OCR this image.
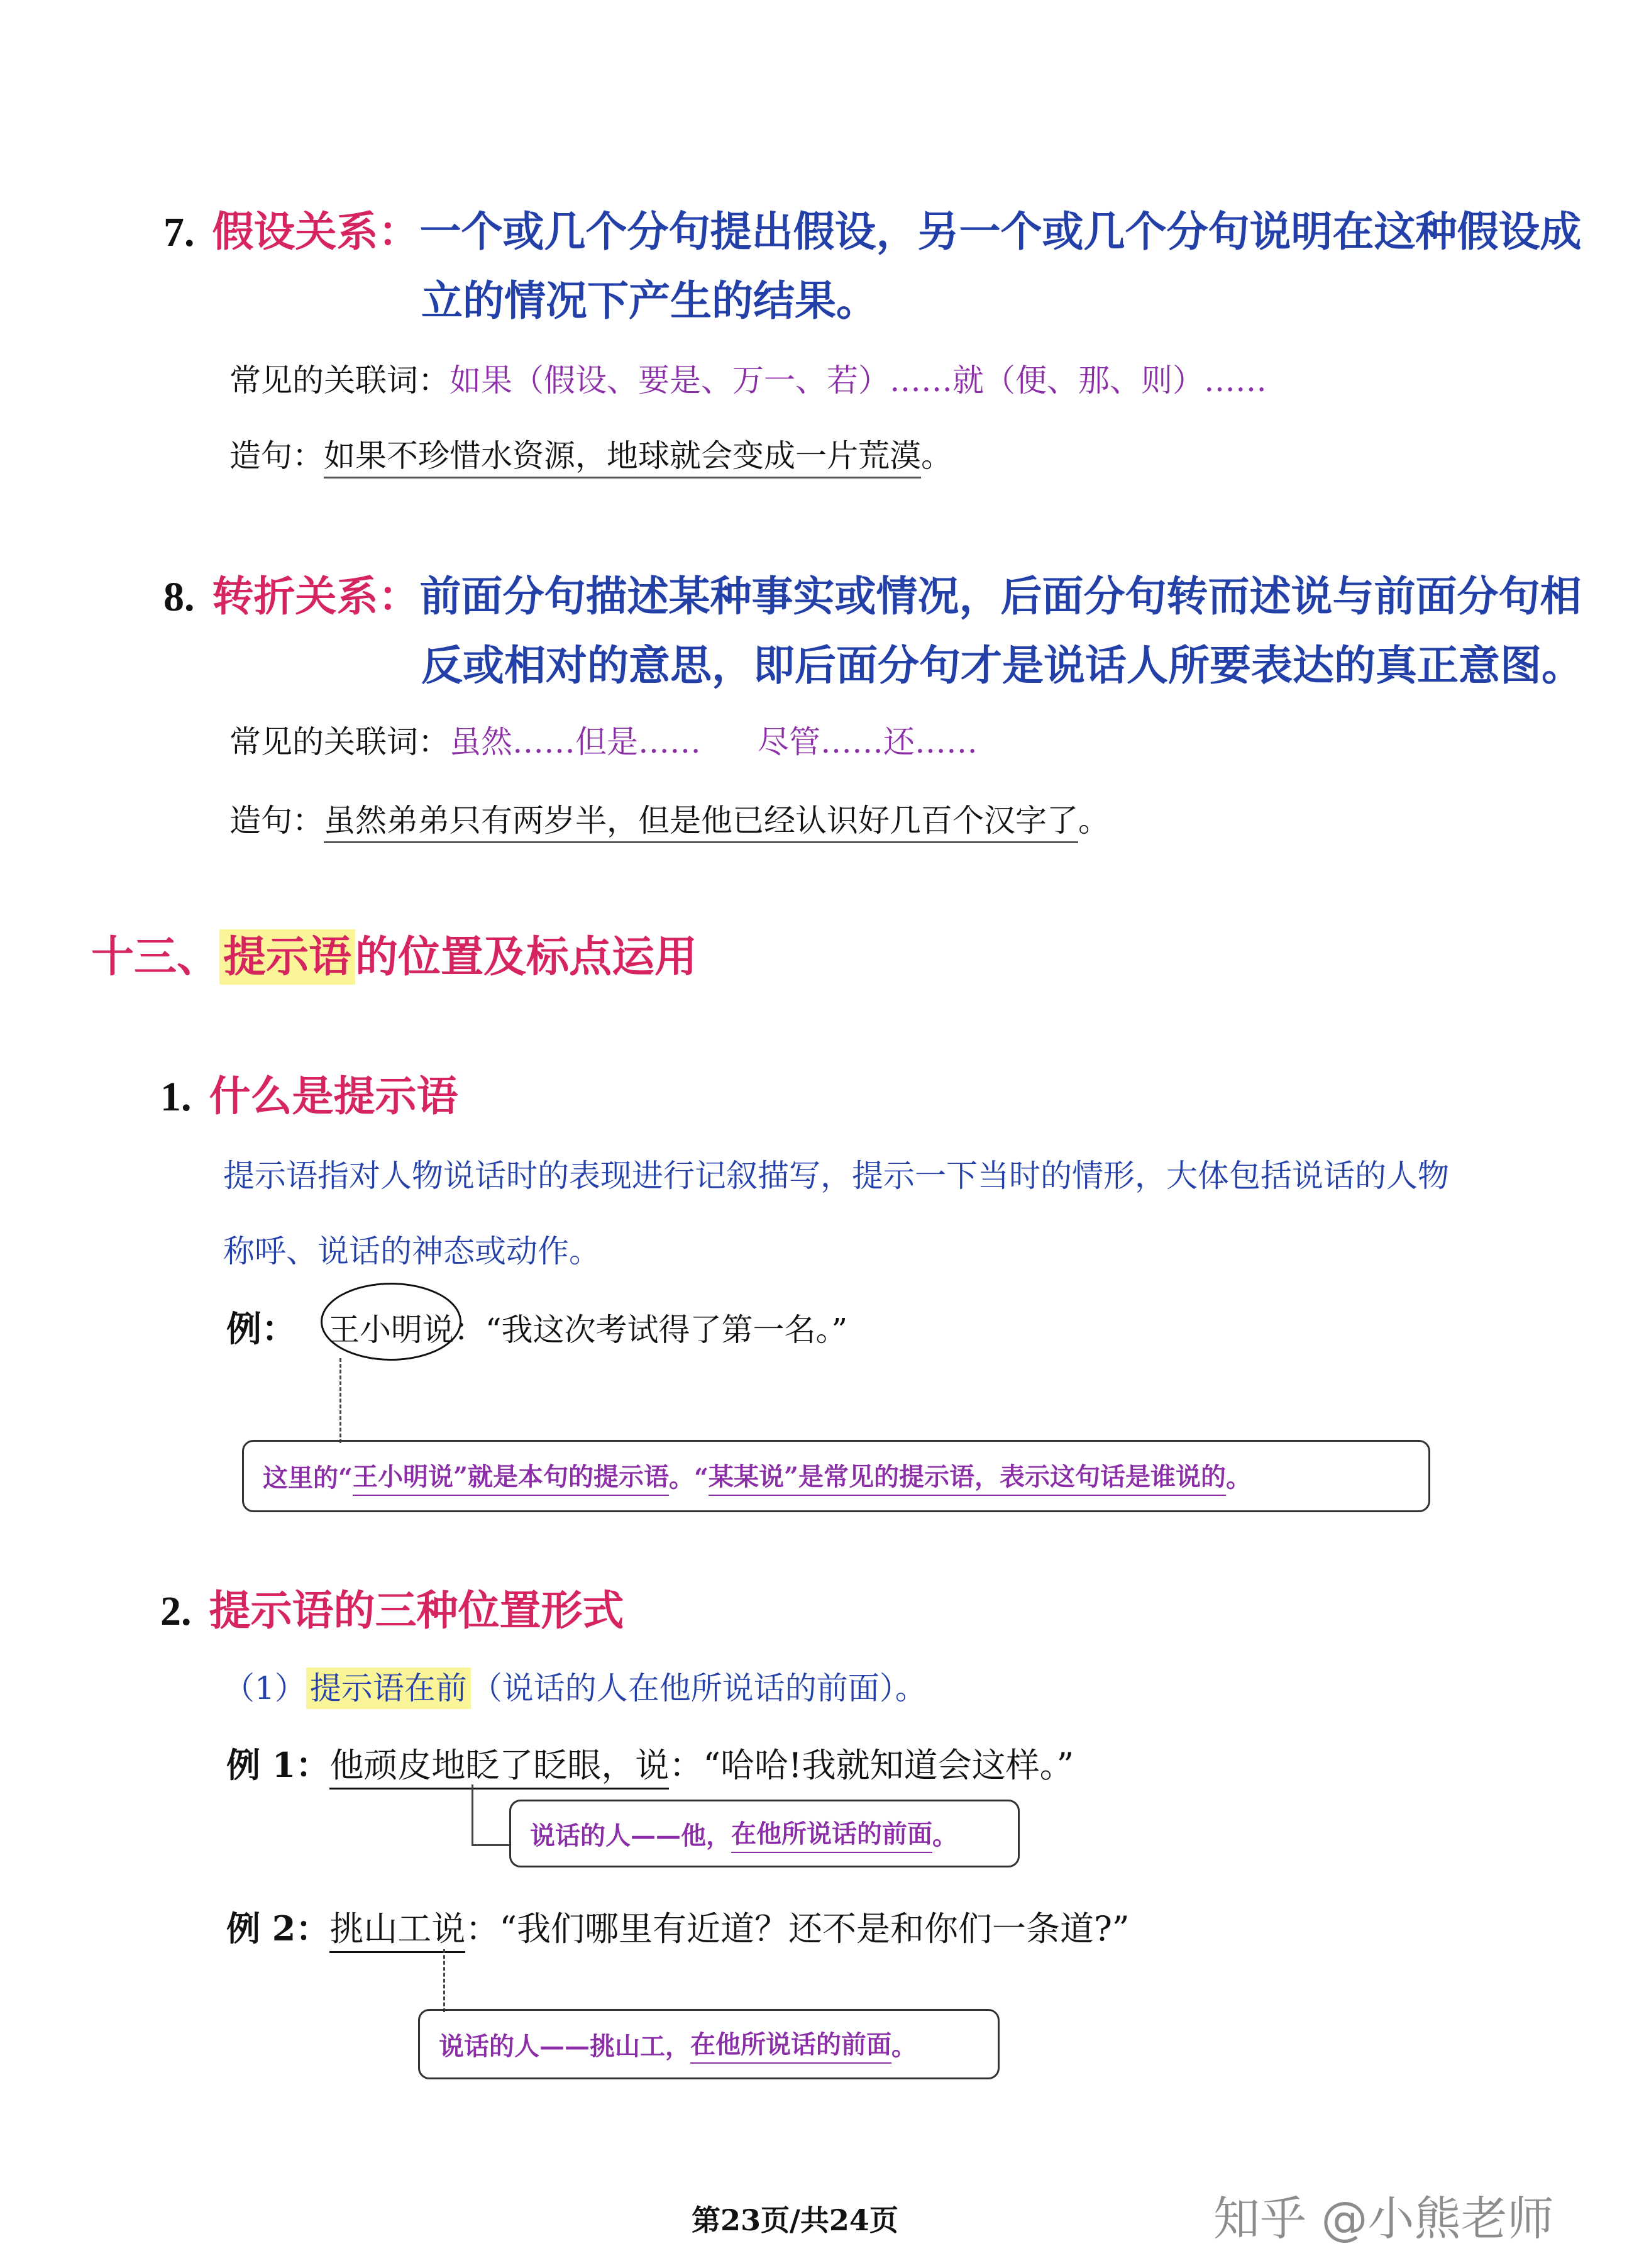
7. 假设关系：一个或几个分句提出假设，另一个或几个分句说明在这种假设成
立的情况下产生的结果。
常见的关联词：如果（假设、要是、万一、若）……就（便、那、则）……
造句：如果不珍惜水资源，地球就会变成一片荒漠。
8. 转折关系：前面分句描述某种事实或情况，后面分句转而述说与前面分句相
反或相对的意思，即后面分句才是说话人所要表达的真正意图。
常见的关联词：虽然……但是…… 尽管……还……
造句：虽然弟弟只有两岁半，但是他已经认识好几百个汉字了。
十三、提示语的位置及标点运用
1. 什么是提示语
提示语指对人物说话时的表现进行记叙描写，提示一下当时的情形，大体包括说话的人物
称呼、说话的神态或动作。
例： 王小明说：“我这次考试得了第一名。”
这里的“ 王小明说 ”就是本句的提示语 。“ 某某说 ”是常见的提示语，表示这句话是谁说的 。
2. 提示语的三种位置形式
（1） 提示语在前 （说话的人在他所说话的前面）。
例 1：他顽皮地眨了眨眼，说：“哈哈!我就知道会这样。”
说话的人——他， 在他所说话的前面 。
例 2：挑山工说：“我们哪里有近道？还不是和你们一条道?”
说话的人——挑山工， 在他所说话的前面 。
第23页/共24页	知乎 @小熊老师
